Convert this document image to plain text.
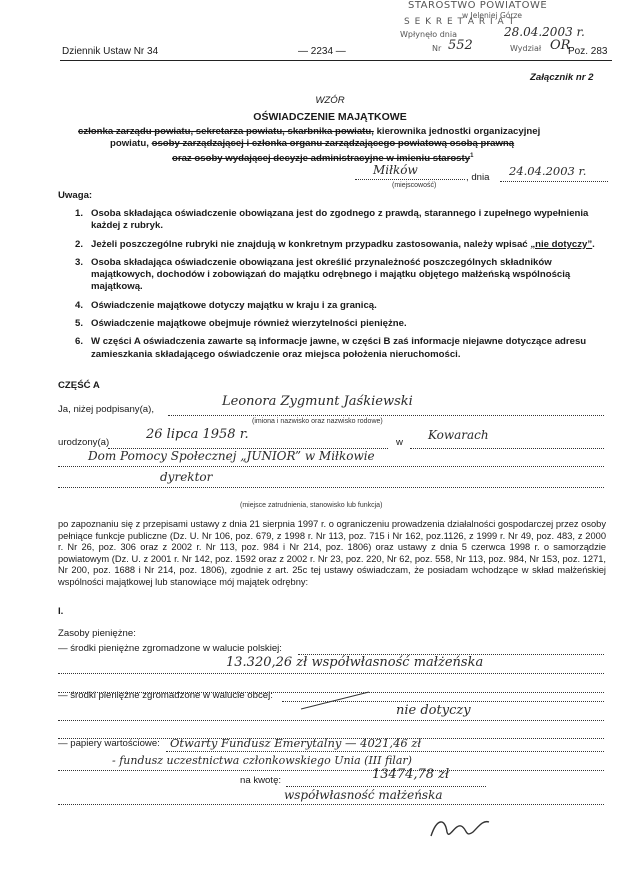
STAROSTWO POWIATOWE
w Jeleniej Górze
S E K R E T A R I A T
Wpłynęło dnia	28.04.2003 r.
Nr 552	Wydział OR
Dziennik Ustaw Nr 34	— 2234 —	Poz. 283
Załącznik nr 2
WZÓR
OŚWIADCZENIE MAJĄTKOWE
członka zarządu powiatu, sekretarza powiatu, skarbnika powiatu, kierownika jednostki organizacyjnej
powiatu, osoby zarządzającej i członka organu zarządzającego powiatową osobą prawną
oraz osoby wydającej decyzje administracyjne w imieniu starosty$^1$
Miłków
(miejscowość)
, dnia 24.04.2003 r.
Uwaga:
1. Osoba składająca oświadczenie obowiązana jest do zgodnego z prawdą, starannego i zupełnego wypełnienia każdej z rubryk.
2. Jeżeli poszczególne rubryki nie znajdują w konkretnym przypadku zastosowania, należy wpisać „nie dotyczy”.
3. Osoba składająca oświadczenie obowiązana jest określić przynależność poszczególnych składników majątkowych, dochodów i zobowiązań do majątku odrębnego i majątku objętego małżeńską wspólnością majątkową.
4. Oświadczenie majątkowe dotyczy majątku w kraju i za granicą.
5. Oświadczenie majątkowe obejmuje również wierzytelności pieniężne.
6. W części A oświadczenia zawarte są informacje jawne, w części B zaś informacje niejawne dotyczące adresu zamieszkania składającego oświadczenie oraz miejsca położenia nieruchomości.
CZĘŚĆ A
Ja, niżej podpisany(a),
Leonora Zygmunt Jaśkiewski
(imiona i nazwisko oraz nazwisko rodowe)
urodzony(a)
26 lipca 1958 r.
w
Kowarach
Dom Pomocy Społecznej „JUNIOR” w Miłkowie
dyrektor
(miejsce zatrudnienia, stanowisko lub funkcja)
po zapoznaniu się z przepisami ustawy z dnia 21 sierpnia 1997 r. o ograniczeniu prowadzenia działalności gospodarczej przez osoby pełniące funkcje publiczne (Dz. U. Nr 106, poz. 679, z 1998 r. Nr 113, poz. 715 i Nr 162, poz.1126, z 1999 r. Nr 49, poz. 483, z 2000 r. Nr 26, poz. 306 oraz z 2002 r. Nr 113, poz. 984 i Nr 214, poz. 1806) oraz ustawy z dnia 5 czerwca 1998 r. o samorządzie powiatowym (Dz. U. z 2001 r. Nr 142, poz. 1592 oraz z 2002 r. Nr 23, poz. 220, Nr 62, poz. 558, Nr 113, poz. 984, Nr 153, poz. 1271, Nr 200, poz. 1688 i Nr 214, poz. 1806), zgodnie z art. 25c tej ustawy oświadczam, że posiadam wchodzące w skład małżeńskiej wspólności majątkowej lub stanowiące mój majątek odrębny:
I.
Zasoby pieniężne:
— środki pieniężne zgromadzone w walucie polskiej:
13.320,26 zł współwłasność małżeńska
— środki pieniężne zgromadzone w walucie obcej:
nie dotyczy
— papiery wartościowe: Otwarty Fundusz Emerytalny — 4021,46 zł
- fundusz uczestnictwa członkowskiego Unia (III filar)
na kwotę:	13474,78 zł
współwłasność małżeńska
